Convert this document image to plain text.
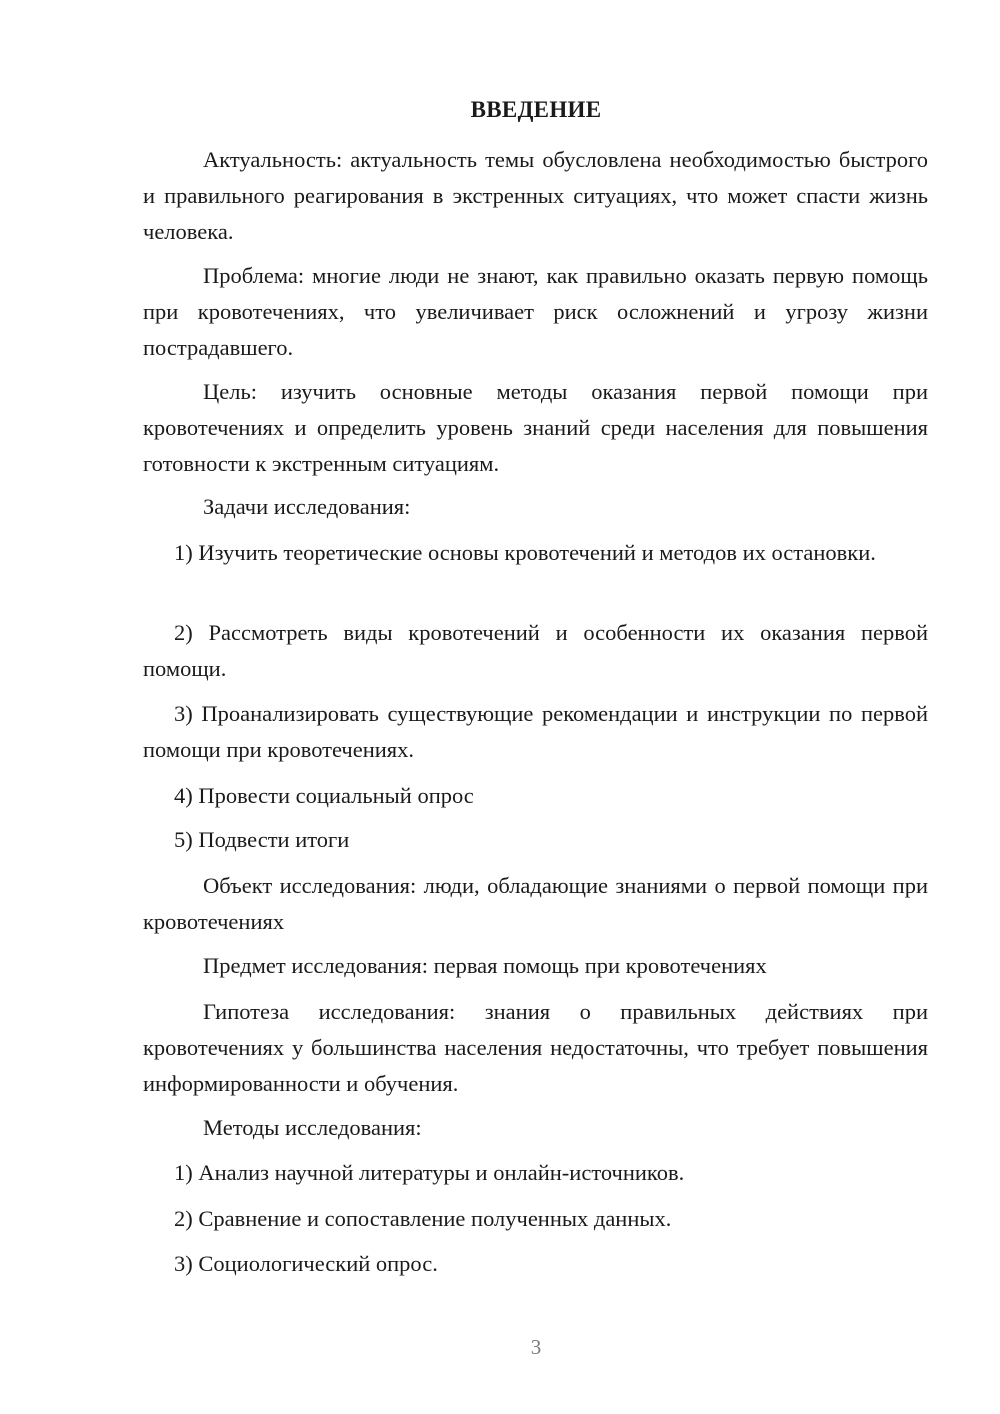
ВВЕДЕНИЕ

Актуальность: актуальность темы обусловлена необходимостью быстрого и правильного реагирования в экстренных ситуациях, что может спасти жизнь человека.

Проблема: многие люди не знают, как правильно оказать первую помощь при кровотечениях, что увеличивает риск осложнений и угрозу жизни пострадавшего.

Цель: изучить основные методы оказания первой помощи при кровотечениях и определить уровень знаний среди населения для повышения готовности к экстренным ситуациям.

Задачи исследования:

1) Изучить теоретические основы кровотечений и методов их остановки.

2) Рассмотреть виды кровотечений и особенности их оказания первой помощи.

3) Проанализировать существующие рекомендации и инструкции по первой помощи при кровотечениях.

4) Провести социальный опрос

5) Подвести итоги

Объект исследования: люди, обладающие знаниями о первой помощи при кровотечениях

Предмет исследования: первая помощь при кровотечениях

Гипотеза исследования: знания о правильных действиях при кровотечениях у большинства населения недостаточны, что требует повышения информированности и обучения.

Методы исследования:

1) Анализ научной литературы и онлайн-источников.

2) Сравнение и сопоставление полученных данных.

3) Социологический опрос.

3
